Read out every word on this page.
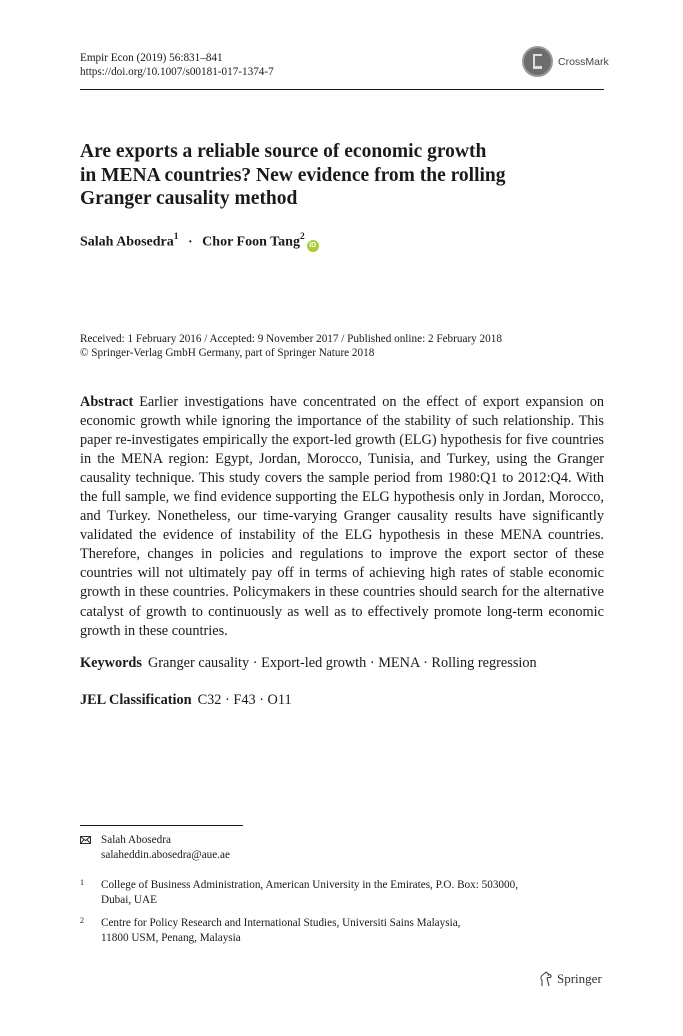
Empir Econ (2019) 56:831–841
https://doi.org/10.1007/s00181-017-1374-7
CrossMark
Are exports a reliable source of economic growth
in MENA countries? New evidence from the rolling
Granger causality method
Salah Abosedra$^1$ · Chor Foon Tang$^2$iD
Received: 1 February 2016 / Accepted: 9 November 2017 / Published online: 2 February 2018
© Springer-Verlag GmbH Germany, part of Springer Nature 2018
Abstract Earlier investigations have concentrated on the effect of export expansion on economic growth while ignoring the importance of the stability of such relationship. This paper re-investigates empirically the export-led growth (ELG) hypothesis for five countries in the MENA region: Egypt, Jordan, Morocco, Tunisia, and Turkey, using the Granger causality technique. This study covers the sample period from 1980:Q1 to 2012:Q4. With the full sample, we find evidence supporting the ELG hypothesis only in Jordan, Morocco, and Turkey. Nonetheless, our time-varying Granger causality results have significantly validated the evidence of instability of the ELG hypothesis in these MENA countries. Therefore, changes in policies and regulations to improve the export sector of these countries will not ultimately pay off in terms of achieving high rates of stable economic growth in these countries. Policymakers in these countries should search for the alternative catalyst of growth to continuously as well as to effectively promote long-term economic growth in these countries.
Keywords Granger causality · Export-led growth · MENA · Rolling regression
JEL Classification C32 · F43 · O11
Salah Abosedra
salaheddin.abosedra@aue.ae
1 College of Business Administration, American University in the Emirates, P.O. Box: 503000,
Dubai, UAE
2 Centre for Policy Research and International Studies, Universiti Sains Malaysia,
11800 USM, Penang, Malaysia
Springer
